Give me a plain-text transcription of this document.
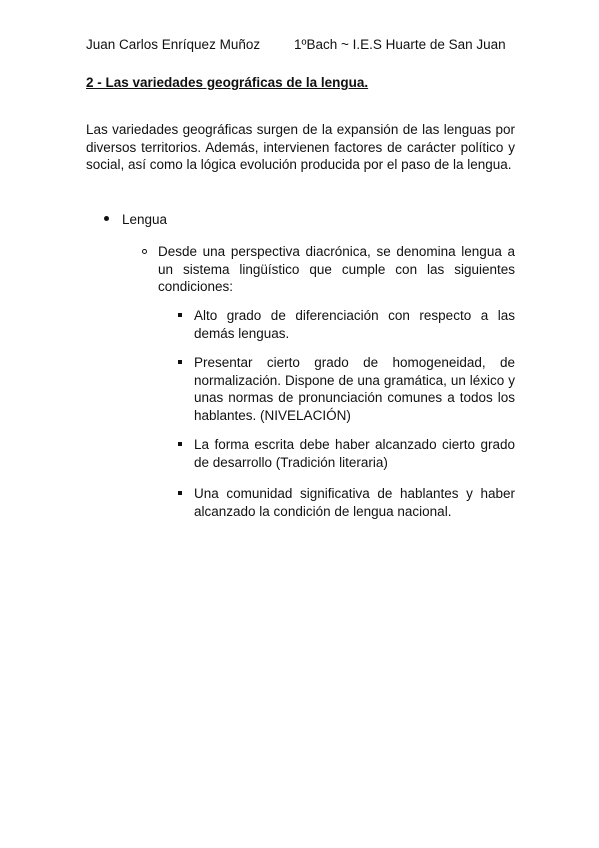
Juan Carlos Enríquez Muñoz	1ºBach ~ I.E.S Huarte de San Juan
2 - Las variedades geográficas de la lengua.

Las variedades geográficas surgen de la expansión de las lenguas por diversos territorios. Además, intervienen factores de carácter político y social, así como la lógica evolución producida por el paso de la lengua.

Lengua
Desde una perspectiva diacrónica, se denomina lengua a un sistema lingüístico que cumple con las siguientes condiciones:
Alto grado de diferenciación con respecto a las demás lenguas.
Presentar cierto grado de homogeneidad, de normalización. Dispone de una gramática, un léxico y unas normas de pronunciación comunes a todos los hablantes. (NIVELACIÓN)
La forma escrita debe haber alcanzado cierto grado de desarrollo (Tradición literaria)
Una comunidad significativa de hablantes y haber alcanzado la condición de lengua nacional.
